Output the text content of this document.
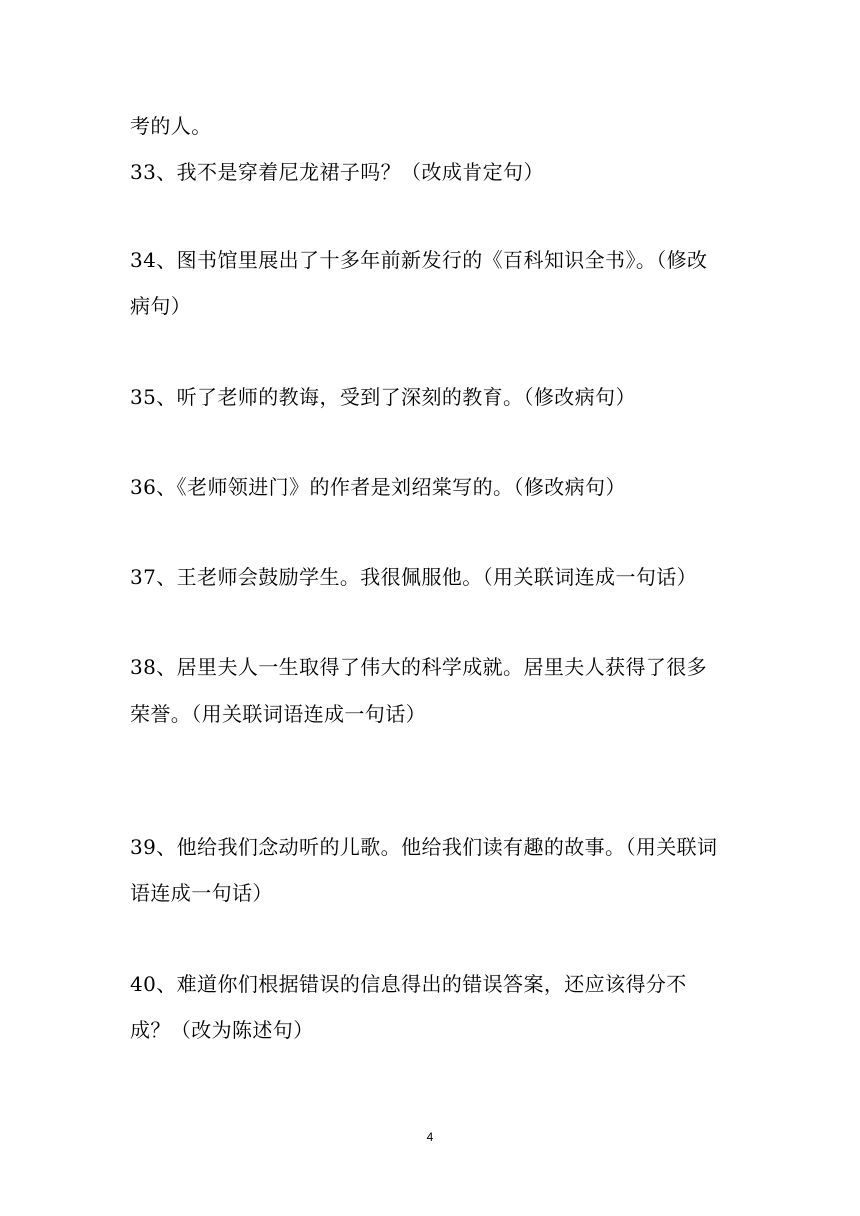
考的人。
33、我不是穿着尼龙裙子吗？（改成肯定句）
34、图书馆里展出了十多年前新发行的《百科知识全书》。（修改
病句）
35、听了老师的教诲，受到了深刻的教育。（修改病句）
36、《老师领进门》的作者是刘绍棠写的。（修改病句）
37、王老师会鼓励学生。我很佩服他。（用关联词连成一句话）
38、居里夫人一生取得了伟大的科学成就。居里夫人获得了很多
荣誉。（用关联词语连成一句话）
39、他给我们念动听的儿歌。他给我们读有趣的故事。（用关联词
语连成一句话）
40、难道你们根据错误的信息得出的错误答案，还应该得分不
成？（改为陈述句）
4
